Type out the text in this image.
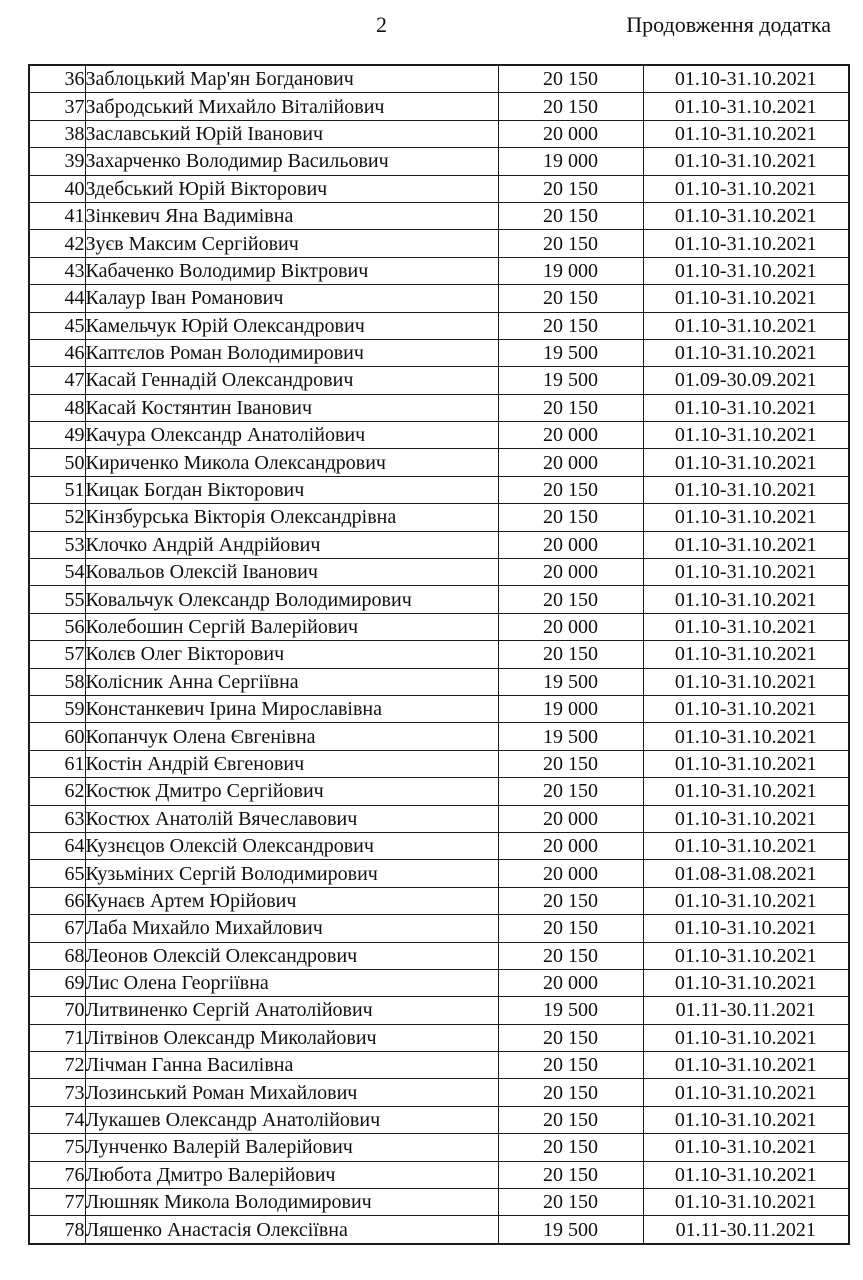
2	Продовження додатка
36	Заблоцький Мар'ян Богданович	20 150	01.10-31.10.2021
37	Забродський Михайло Віталійович	20 150	01.10-31.10.2021
38	Заславський Юрій Іванович	20 000	01.10-31.10.2021
39	Захарченко Володимир Васильович	19 000	01.10-31.10.2021
40	Здебський Юрій Вікторович	20 150	01.10-31.10.2021
41	Зінкевич Яна Вадимівна	20 150	01.10-31.10.2021
42	Зуєв Максим Сергійович	20 150	01.10-31.10.2021
43	Кабаченко Володимир Віктрович	19 000	01.10-31.10.2021
44	Калаур Іван Романович	20 150	01.10-31.10.2021
45	Камельчук Юрій Олександрович	20 150	01.10-31.10.2021
46	Каптєлов Роман Володимирович	19 500	01.10-31.10.2021
47	Касай Геннадій Олександрович	19 500	01.09-30.09.2021
48	Касай Костянтин Іванович	20 150	01.10-31.10.2021
49	Качура Олександр Анатолійович	20 000	01.10-31.10.2021
50	Кириченко Микола Олександрович	20 000	01.10-31.10.2021
51	Кицак Богдан Вікторович	20 150	01.10-31.10.2021
52	Кінзбурська Вікторія Олександрівна	20 150	01.10-31.10.2021
53	Клочко Андрій Андрійович	20 000	01.10-31.10.2021
54	Ковальов Олексій Іванович	20 000	01.10-31.10.2021
55	Ковальчук Олександр Володимирович	20 150	01.10-31.10.2021
56	Колебошин Сергій Валерійович	20 000	01.10-31.10.2021
57	Колєв Олег Вікторович	20 150	01.10-31.10.2021
58	Колісник Анна Сергіївна	19 500	01.10-31.10.2021
59	Констанкевич Ірина Мирославівна	19 000	01.10-31.10.2021
60	Копанчук Олена Євгенівна	19 500	01.10-31.10.2021
61	Костін Андрій Євгенович	20 150	01.10-31.10.2021
62	Костюк Дмитро Сергійович	20 150	01.10-31.10.2021
63	Костюх Анатолій Вячеславович	20 000	01.10-31.10.2021
64	Кузнєцов Олексій Олександрович	20 000	01.10-31.10.2021
65	Кузьміних Сергій Володимирович	20 000	01.08-31.08.2021
66	Кунаєв Артем Юрійович	20 150	01.10-31.10.2021
67	Лаба Михайло Михайлович	20 150	01.10-31.10.2021
68	Леонов Олексій Олександрович	20 150	01.10-31.10.2021
69	Лис Олена Георгіївна	20 000	01.10-31.10.2021
70	Литвиненко Сергій Анатолійович	19 500	01.11-30.11.2021
71	Літвінов Олександр Миколайович	20 150	01.10-31.10.2021
72	Лічман Ганна Василівна	20 150	01.10-31.10.2021
73	Лозинський Роман Михайлович	20 150	01.10-31.10.2021
74	Лукашев Олександр Анатолійович	20 150	01.10-31.10.2021
75	Лунченко Валерій Валерійович	20 150	01.10-31.10.2021
76	Любота Дмитро Валерійович	20 150	01.10-31.10.2021
77	Люшняк Микола Володимирович	20 150	01.10-31.10.2021
78	Ляшенко Анастасія Олексіївна	19 500	01.11-30.11.2021
